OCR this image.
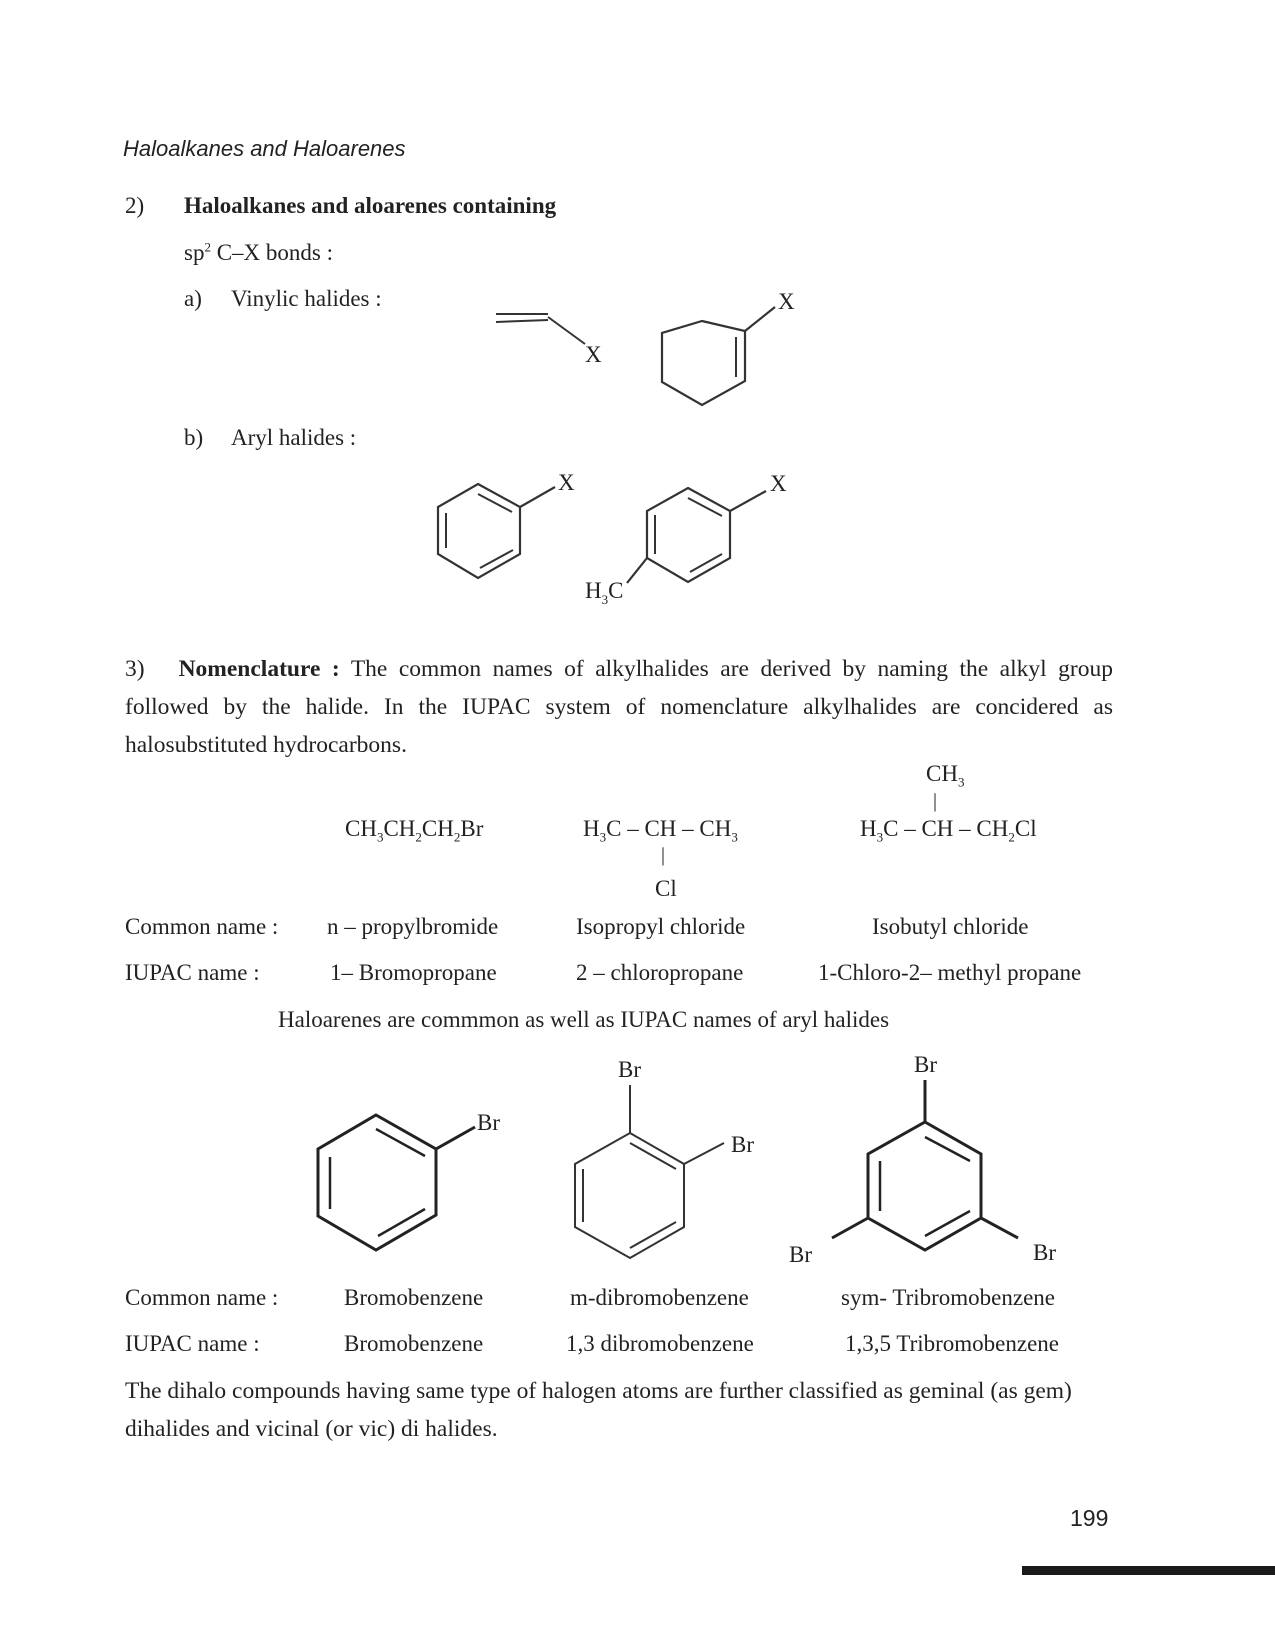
Haloalkanes and Haloarenes
2) Haloalkanes and aloarenes containing
$sp^2$ C–X bonds :
a) Vinylic halides :
X
X
b) Aryl halides :
X	X
$H_3C$
3) Nomenclature : The common names of alkylhalides are derived by naming the alkyl group followed by the halide. In the IUPAC system of nomenclature alkylhalides are concidered as halosubstituted hydrocarbons.
$CH_3CH_2CH_2Br$	$H_3C$ – CH – $CH_3$
|
Cl
$CH_3$
|
$H_3C$ – CH – $CH_2Cl$
Common name : n – propylbromide	Isopropyl chloride	Isobutyl chloride
IUPAC name :	1– Bromopropane	2 – chloropropane	1-Chloro-2– methyl propane
Haloarenes are commmon as well as IUPAC names of aryl halides
Br
Br
Br
Br
Br	Br
Common name :	Bromobenzene	m-dibromobenzene	sym- Tribromobenzene
IUPAC name :	Bromobenzene	1,3 dibromobenzene	1,3,5 Tribromobenzene
The dihalo compounds having same type of halogen atoms are further classified as geminal (as gem) dihalides and vicinal (or vic) di halides.
199
